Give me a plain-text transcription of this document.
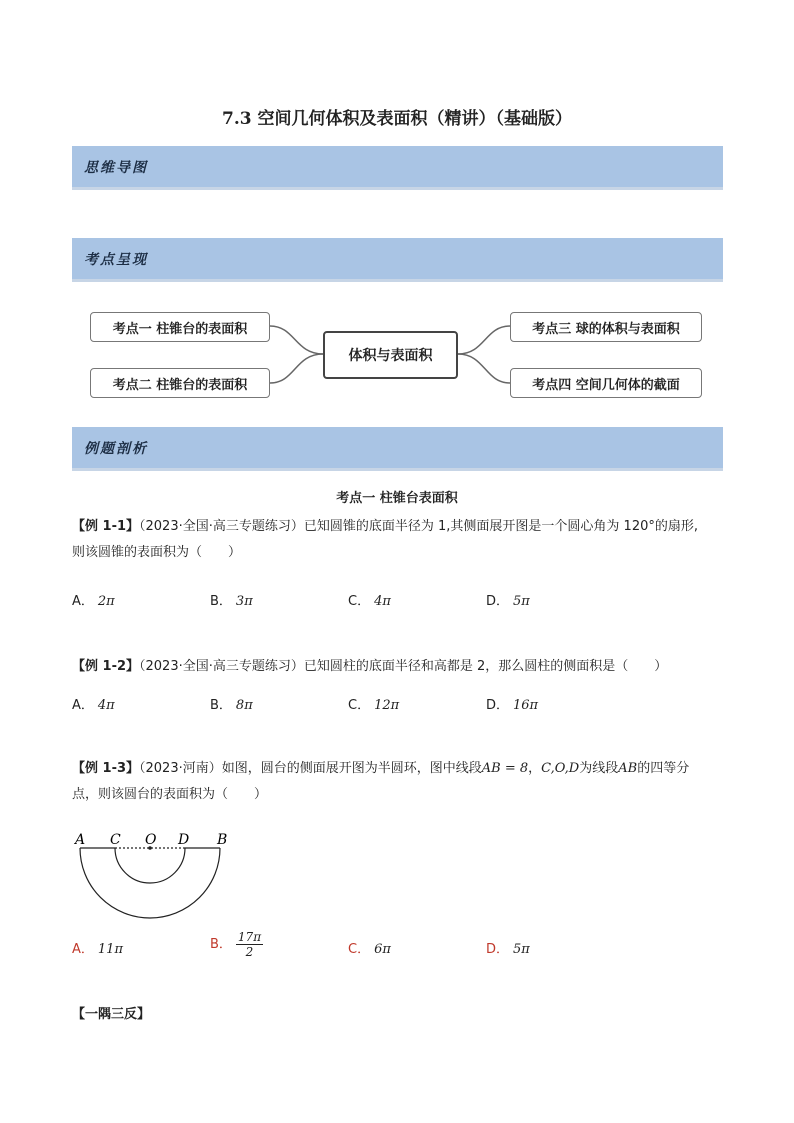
7.3 空间几何体积及表面积（精讲）（基础版）
思维导图
考点呈现
考点一 柱锥台的表面积
考点二 柱锥台的表面积
体积与表面积
考点三 球的体积与表面积
考点四 空间几何体的截面
例题剖析
考点一 柱锥台表面积
【例 1-1】（2023·全国·高三专题练习）已知圆锥的底面半径为 1,其侧面展开图是一个圆心角为 120°的扇形,
则该圆锥的表面积为（　　）
A． 2π	B． 3π	C． 4π	D． 5π
【例 1-2】（2023·全国·高三专题练习）已知圆柱的底面半径和高都是 2，那么圆柱的侧面积是（　　）
A． 4π	B． 8π	C． 12π	D． 16π
【例 1-3】（2023·河南）如图，圆台的侧面展开图为半圆环，图中线段AB = 8，C,O,D为线段AB的四等分
点，则该圆台的表面积为（　　）
A C O D B
A． 11π	B． $\frac{17\pi}{2}$	C． 6π	D． 5π
【一隅三反】
